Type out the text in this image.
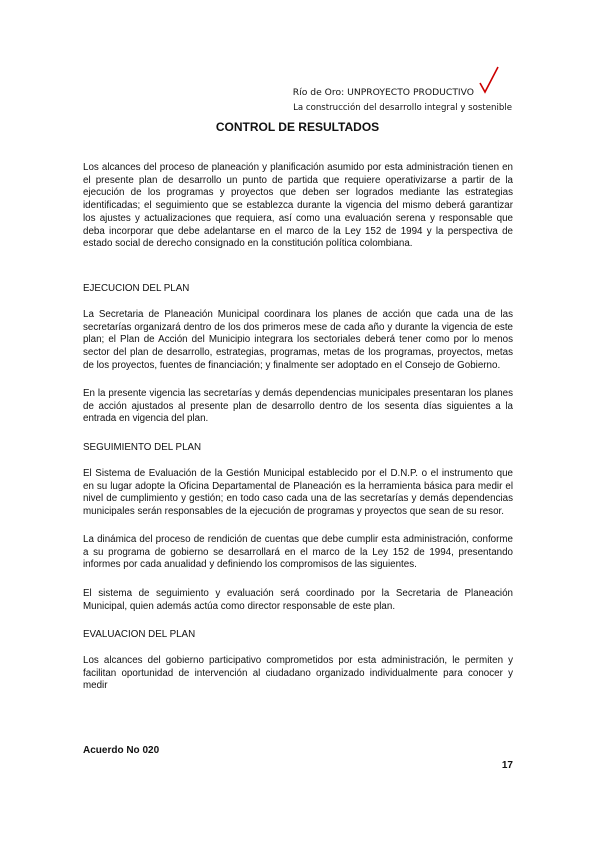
Río de Oro: UNPROYECTO PRODUCTIVO
La construcción del desarrollo integral y sostenible
CONTROL DE RESULTADOS

Los alcances del proceso de planeación y planificación asumido por esta administración tienen en el presente plan de desarrollo un punto de partida que requiere operativizarse a partir de la ejecución de los programas y proyectos que deben ser logrados mediante las estrategias identificadas; el seguimiento que se establezca durante la vigencia del mismo deberá garantizar los ajustes y actualizaciones que requiera, así como una evaluación serena y responsable que deba incorporar que debe adelantarse en el marco de la Ley 152 de 1994 y la perspectiva de estado social de derecho consignado en la constitución política colombiana.

EJECUCION DEL PLAN

La Secretaria de Planeación Municipal coordinara los planes de acción que cada una de las secretarías organizará dentro de los dos primeros mese de cada año y durante la vigencia de este plan; el Plan de Acción del Municipio integrara los sectoriales deberá tener como por lo menos sector del plan de desarrollo, estrategias, programas, metas de los programas, proyectos, metas de los proyectos, fuentes de financiación; y finalmente ser adoptado en el Consejo de Gobierno.

En la presente vigencia las secretarías y demás dependencias municipales presentaran los planes de acción ajustados al presente plan de desarrollo dentro de los sesenta días siguientes a la entrada en vigencia del plan.

SEGUIMIENTO DEL PLAN

El Sistema de Evaluación de la Gestión Municipal establecido por el D.N.P. o el instrumento que en su lugar adopte la Oficina Departamental de Planeación es la herramienta básica para medir el nivel de cumplimiento y gestión; en todo caso cada una de las secretarías y demás dependencias municipales serán responsables de la ejecución de programas y proyectos que sean de su resor.

La dinámica del proceso de rendición de cuentas que debe cumplir esta administración, conforme a su programa de gobierno se desarrollará en el marco de la Ley 152 de 1994, presentando informes por cada anualidad y definiendo los compromisos de las siguientes.

El sistema de seguimiento y evaluación será coordinado por la Secretaria de Planeación Municipal, quien además actúa como director responsable de este plan.

EVALUACION DEL PLAN

Los alcances del gobierno participativo comprometidos por esta administración, le permiten y facilitan oportunidad de intervención al ciudadano organizado individualmente para conocer y medir

Acuerdo No 020
17
